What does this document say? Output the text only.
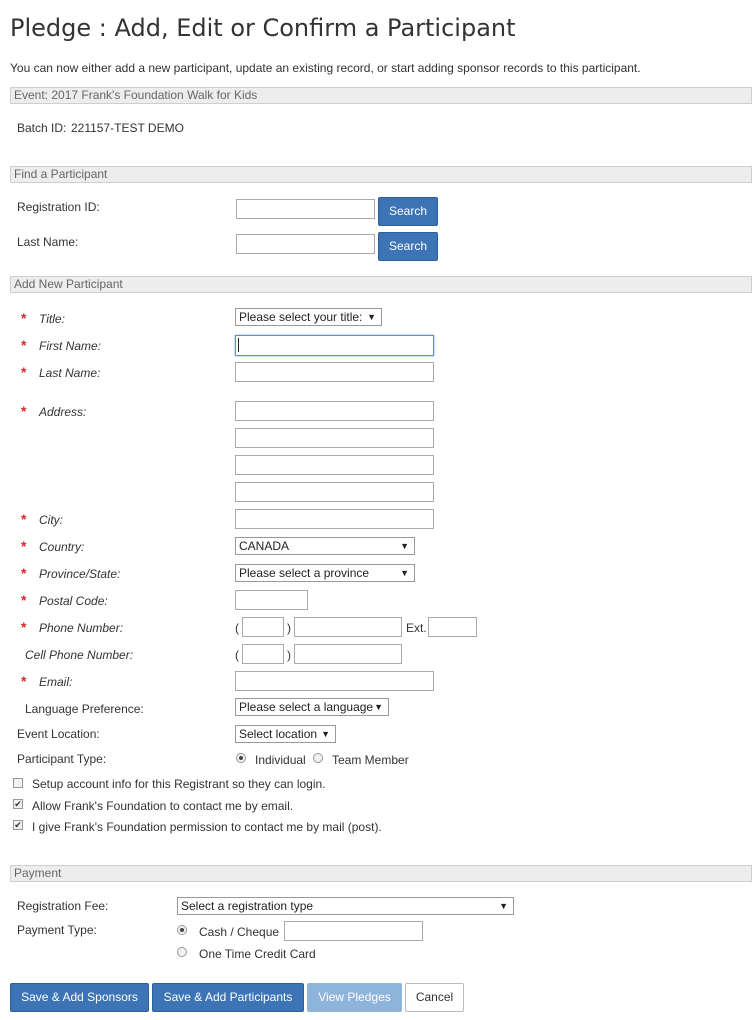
Pledge : Add, Edit or Confirm a Participant
You can now either add a new participant, update an existing record, or start adding sponsor records to this participant.
Event: 2017 Frank's Foundation Walk for Kids
Batch ID: 221157-TEST DEMO
Find a Participant
Registration ID:	Search
Last Name:	Search
Add New Participant
* Title:	Please select your title: ▼
* First Name:
* Last Name:
* Address:
* City:
* Country:	CANADA	▼
* Province/State:	Please select a province	▼
* Postal Code:
* Phone Number:	(	)	Ext.
Cell Phone Number:	(	)
* Email:
Language Preference:	Please select a language ▼
Event Location:	Select location ▼
Participant Type:	Individual Team Member
Setup account info for this Registrant so they can login.
✔ Allow Frank's Foundation to contact me by email.
✔ I give Frank's Foundation permission to contact me by mail (post).
Payment
Registration Fee:	Select a registration type	▼
Payment Type:	Cash / Cheque
One Time Credit Card
Save & Add Sponsors	Save & Add Participants	View Pledges	Cancel
